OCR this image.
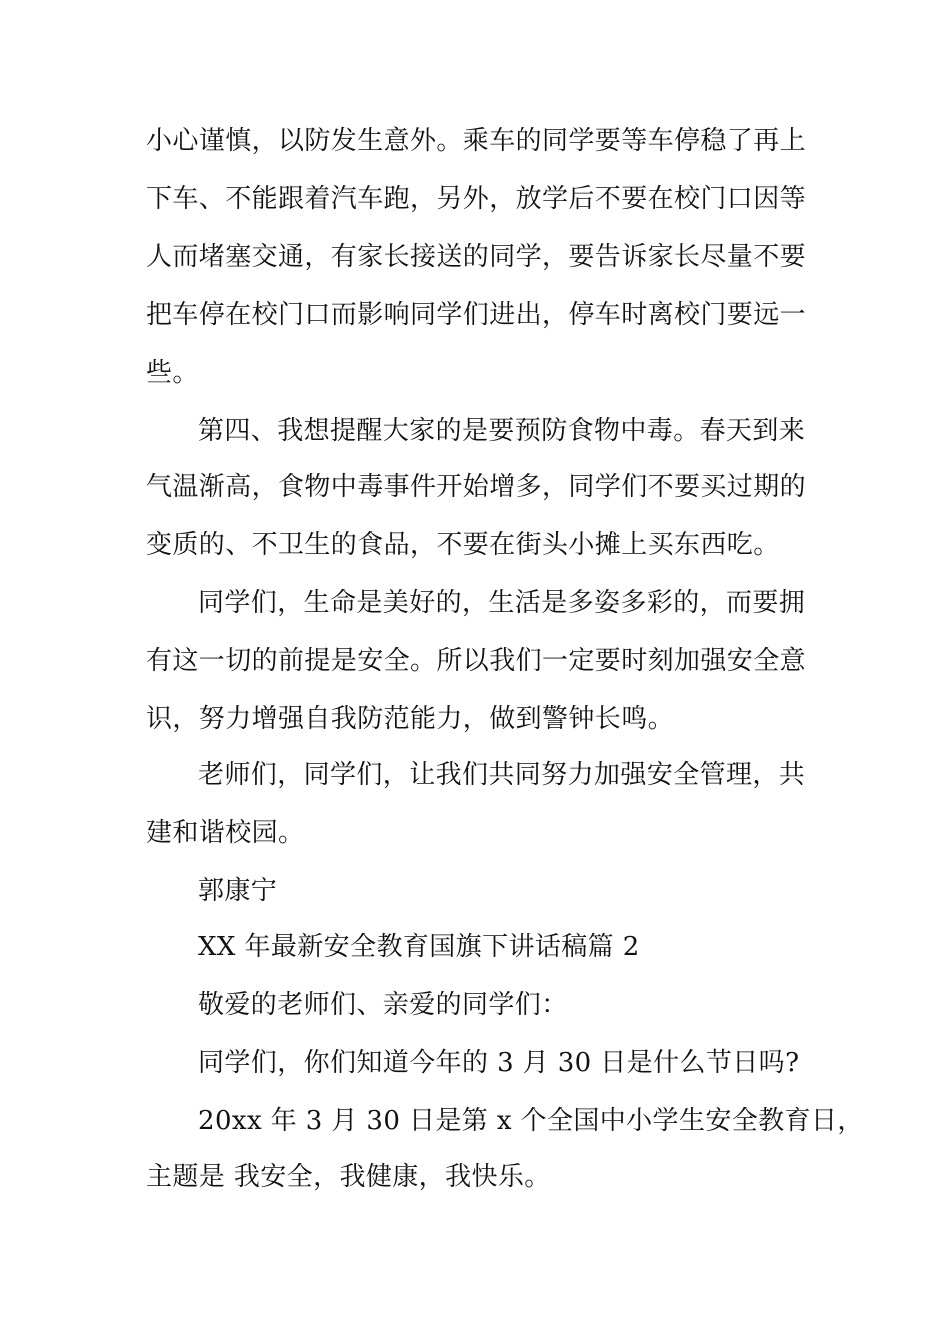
小心谨慎，以防发生意外。乘车的同学要等车停稳了再上
下车、不能跟着汽车跑，另外，放学后不要在校门口因等
人而堵塞交通，有家长接送的同学，要告诉家长尽量不要
把车停在校门口而影响同学们进出，停车时离校门要远一
些。
第四、我想提醒大家的是要预防食物中毒。春天到来
气温渐高，食物中毒事件开始增多，同学们不要买过期的
变质的、不卫生的食品，不要在街头小摊上买东西吃。
同学们，生命是美好的，生活是多姿多彩的，而要拥
有这一切的前提是安全。所以我们一定要时刻加强安全意
识，努力增强自我防范能力，做到警钟长鸣。
老师们，同学们，让我们共同努力加强安全管理，共
建和谐校园。
郭康宁
XX 年最新安全教育国旗下讲话稿篇 2
敬爱的老师们、亲爱的同学们：
同学们，你们知道今年的 3 月 30 日是什么节日吗?
20xx 年 3 月 30 日是第 x 个全国中小学生安全教育日，
主题是 我安全，我健康，我快乐。
